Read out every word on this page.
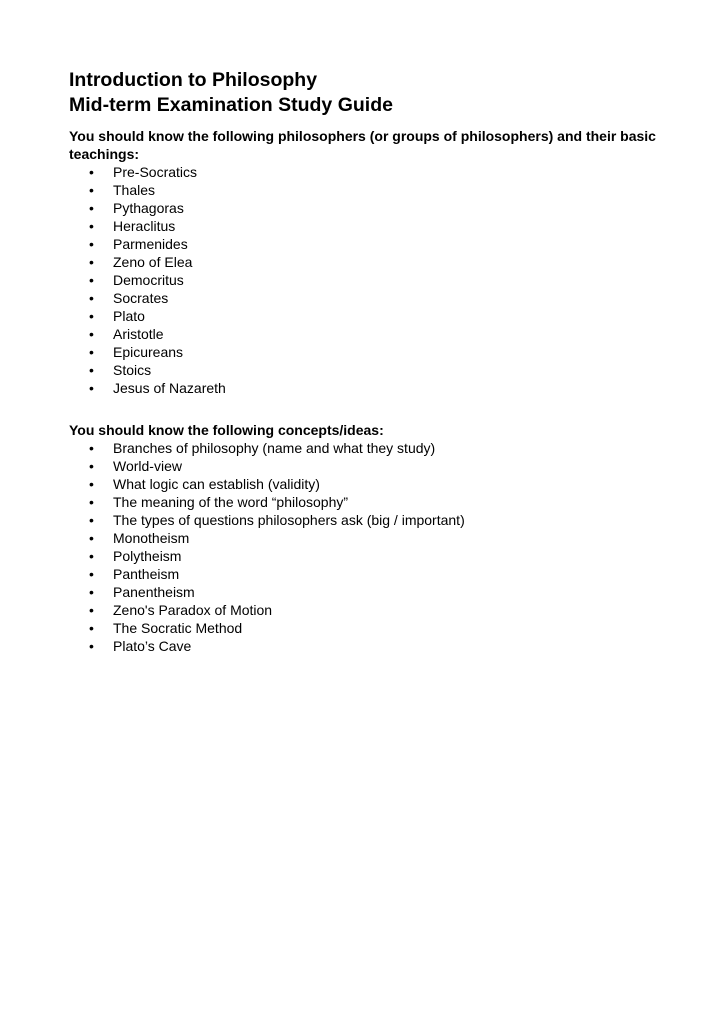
Introduction to Philosophy
Mid-term Examination Study Guide

You should know the following philosophers (or groups of philosophers) and their basic teachings:

• Pre-Socratics
• Thales
• Pythagoras
• Heraclitus
• Parmenides
• Zeno of Elea
• Democritus
• Socrates
• Plato
• Aristotle
• Epicureans
• Stoics
• Jesus of Nazareth

You should know the following concepts/ideas:

• Branches of philosophy (name and what they study)
• World-view
• What logic can establish (validity)
• The meaning of the word “philosophy”
• The types of questions philosophers ask (big / important)
• Monotheism
• Polytheism
• Pantheism
• Panentheism
• Zeno's Paradox of Motion
• The Socratic Method
• Plato’s Cave
